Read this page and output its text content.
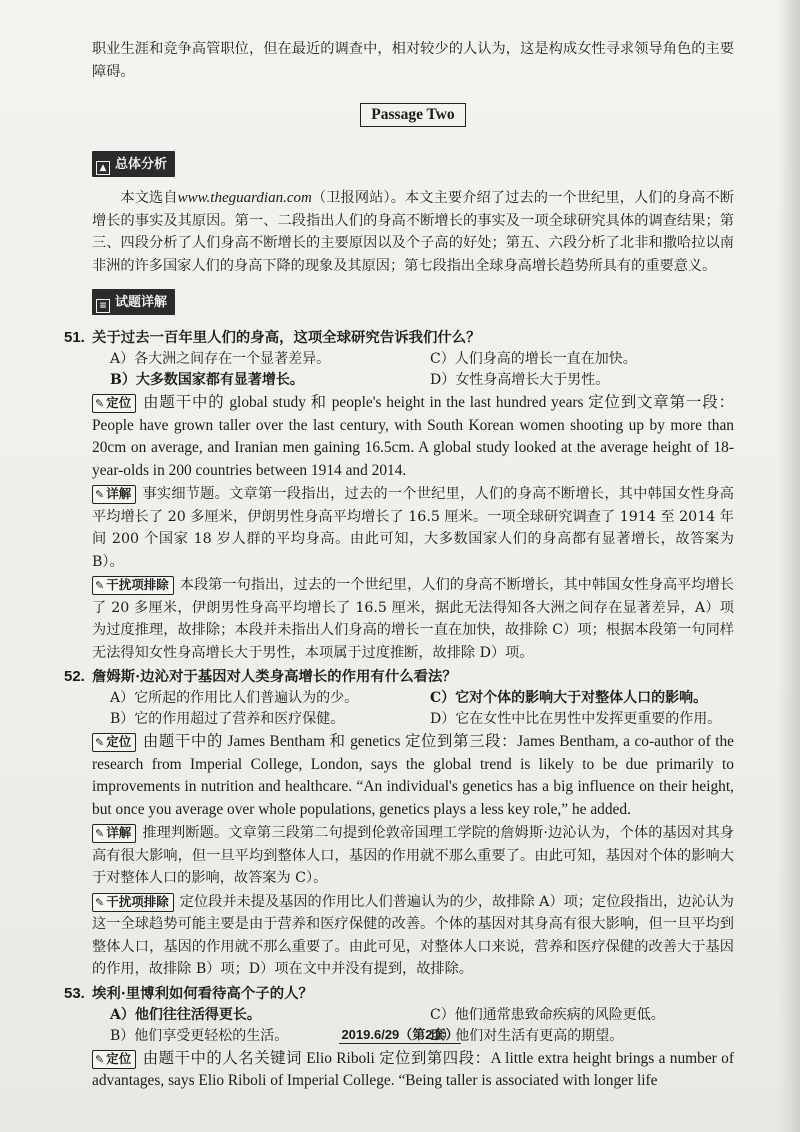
职业生涯和竞争高管职位，但在最近的调查中，相对较少的人认为，这是构成女性寻求领导角色的主要障碍。

Passage Two
▲ 总体分析

本文选自www.theguardian.com（卫报网站）。本文主要介绍了过去的一个世纪里，人们的身高不断增长的事实及其原因。第一、二段指出人们的身高不断增长的事实及一项全球研究具体的调查结果；第三、四段分析了人们身高不断增长的主要原因以及个子高的好处；第五、六段分析了北非和撒哈拉以南非洲的许多国家人们的身高下降的现象及其原因；第七段指出全球身高增长趋势所具有的重要意义。

≡ 试题详解
51. 关于过去一百年里人们的身高，这项全球研究告诉我们什么？

A）各大洲之间存在一个显著差异。	C）人们身高的增长一直在加快。
B）大多数国家都有显著增长。	D）女性身高增长大于男性。

✎ 定位 由题干中的 global study 和 people's height in the last hundred years 定位到文章第一段：People have grown taller over the last century, with South Korean women shooting up by more than 20cm on average, and Iranian men gaining 16.5cm. A global study looked at the average height of 18-year-olds in 200 countries between 1914 and 2014.

✎ 详解 事实细节题。文章第一段指出，过去的一个世纪里，人们的身高不断增长，其中韩国女性身高平均增长了 20 多厘米，伊朗男性身高平均增长了 16.5 厘米。一项全球研究调查了 1914 至 2014 年间 200 个国家 18 岁人群的平均身高。由此可知，大多数国家人们的身高都有显著增长，故答案为 B）。

✎ 干扰项排除 本段第一句指出，过去的一个世纪里，人们的身高不断增长，其中韩国女性身高平均增长了 20 多厘米，伊朗男性身高平均增长了 16.5 厘米，据此无法得知各大洲之间存在显著差异，A）项为过度推理，故排除；本段并未指出人们身高的增长一直在加快，故排除 C）项；根据本段第一句同样无法得知女性身高增长大于男性，本项属于过度推断，故排除 D）项。

52. 詹姆斯·边沁对于基因对人类身高增长的作用有什么看法？

A）它所起的作用比人们普遍认为的少。	C）它对个体的影响大于对整体人口的影响。
B）它的作用超过了营养和医疗保健。	D）它在女性中比在男性中发挥更重要的作用。

✎ 定位 由题干中的 James Bentham 和 genetics 定位到第三段：James Bentham, a co-author of the research from Imperial College, London, says the global trend is likely to be due primarily to improvements in nutrition and healthcare. “An individual's genetics has a big influence on their height, but once you average over whole populations, genetics plays a less key role,” he added.

✎ 详解 推理判断题。文章第三段第二句提到伦敦帝国理工学院的詹姆斯·边沁认为，个体的基因对其身高有很大影响，但一旦平均到整体人口，基因的作用就不那么重要了。由此可知，基因对个体的影响大于对整体人口的影响，故答案为 C）。

✎ 干扰项排除 定位段并未提及基因的作用比人们普遍认为的少，故排除 A）项；定位段指出，边沁认为这一全球趋势可能主要是由于营养和医疗保健的改善。个体的基因对其身高有很大影响，但一旦平均到整体人口，基因的作用就不那么重要了。由此可见，对整体人口来说，营养和医疗保健的改善大于基因的作用，故排除 B）项；D）项在文中并没有提到，故排除。

53. 埃利·里博利如何看待高个子的人？

A）他们往往活得更长。	C）他们通常患致命疾病的风险更低。
B）他们享受更轻松的生活。	D）他们对生活有更高的期望。

✎ 定位 由题干中的人名关键词 Elio Riboli 定位到第四段：A little extra height brings a number of advantages, says Elio Riboli of Imperial College. “Being taller is associated with longer life

2019.6/29（第2套）
